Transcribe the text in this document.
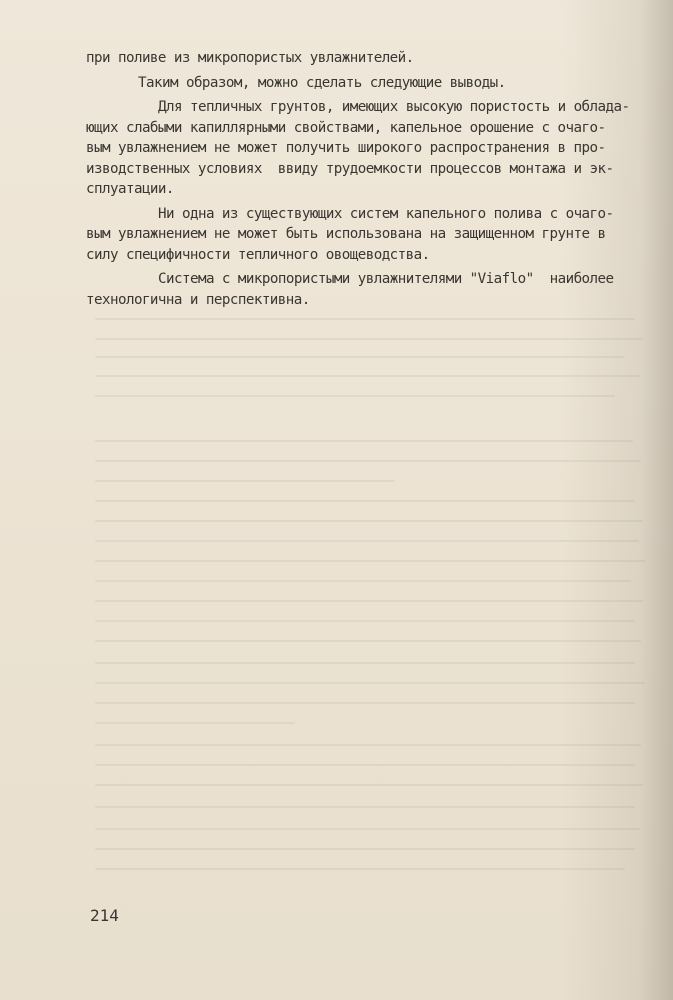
при поливе из микропористых увлажнителей.
Таким образом, можно сделать следующие выводы.
Для тепличных грунтов, имеющих высокую пористость и облада-
ющих слабыми капиллярными свойствами, капельное орошение с очаго-
вым увлажнением не может получить широкого распространения в про-
изводственных условиях  ввиду трудоемкости процессов монтажа и эк-
сплуатации.
Ни одна из существующих систем капельного полива с очаго-
вым увлажнением не может быть использована на защищенном грунте в
силу специфичности тепличного овощеводства.
Система с микропористыми увлажнителями "Viaflo"  наиболее
технологична и перспективна.
214
